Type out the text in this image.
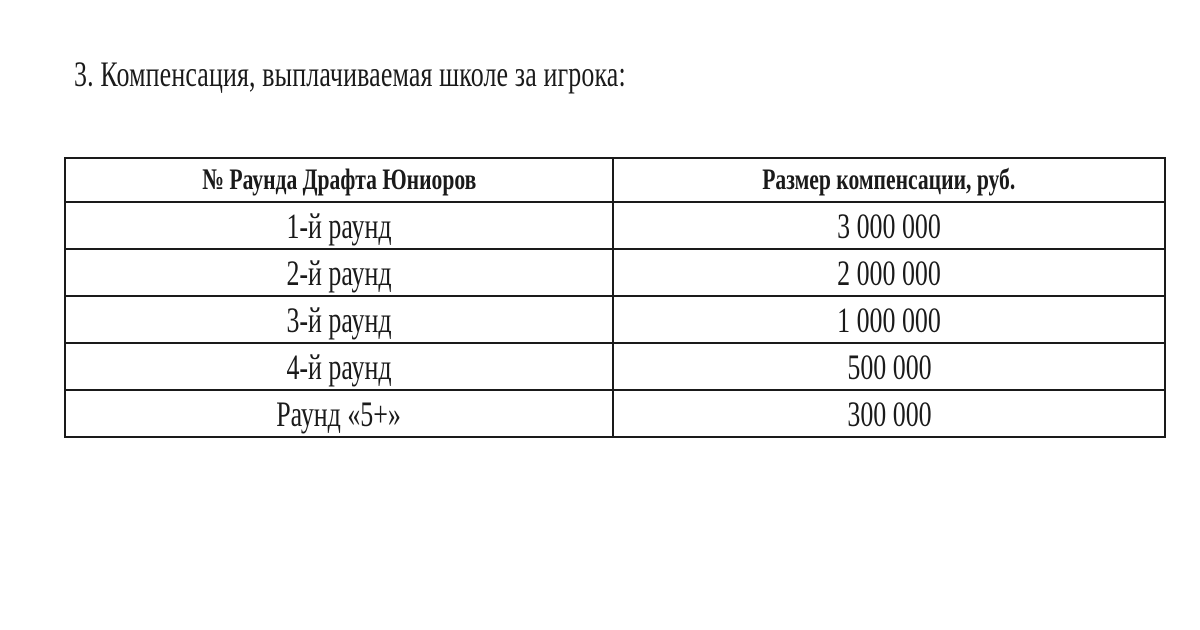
3. Компенсация, выплачиваемая школе за игрока:
№ Раунда Драфта Юниоров	Размер компенсации, руб.
1-й раунд	3 000 000
2-й раунд	2 000 000
3-й раунд	1 000 000
4-й раунд	500 000
Раунд «5+»	300 000
